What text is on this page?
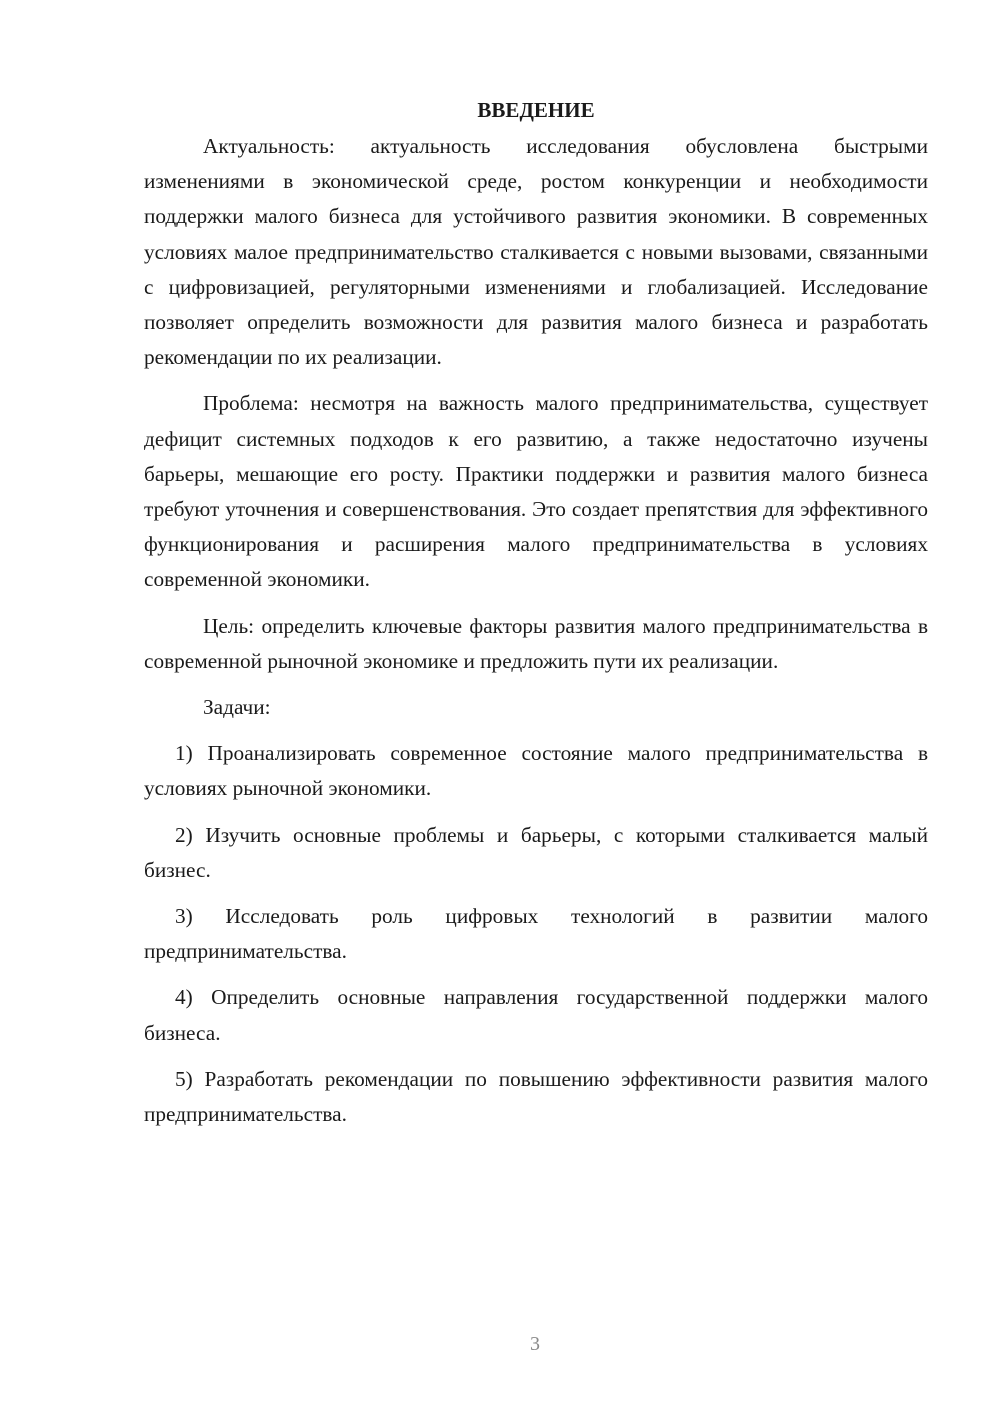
ВВЕДЕНИЕ

Актуальность: актуальность исследования обусловлена быстрыми изменениями в экономической среде, ростом конкуренции и необходимости поддержки малого бизнеса для устойчивого развития экономики. В современных условиях малое предпринимательство сталкивается с новыми вызовами, связанными с цифровизацией, регуляторными изменениями и глобализацией. Исследование позволяет определить возможности для развития малого бизнеса и разработать рекомендации по их реализации.

Проблема: несмотря на важность малого предпринимательства, существует дефицит системных подходов к его развитию, а также недостаточно изучены барьеры, мешающие его росту. Практики поддержки и развития малого бизнеса требуют уточнения и совершенствования. Это создает препятствия для эффективного функционирования и расширения малого предпринимательства в условиях современной экономики.

Цель: определить ключевые факторы развития малого предпринимательства в современной рыночной экономике и предложить пути их реализации.

Задачи:

1) Проанализировать современное состояние малого предпринимательства в условиях рыночной экономики.

2) Изучить основные проблемы и барьеры, с которыми сталкивается малый бизнес.

3) Исследовать роль цифровых технологий в развитии малого предпринимательства.

4) Определить основные направления государственной поддержки малого бизнеса.

5) Разработать рекомендации по повышению эффективности развития малого предпринимательства.

3
